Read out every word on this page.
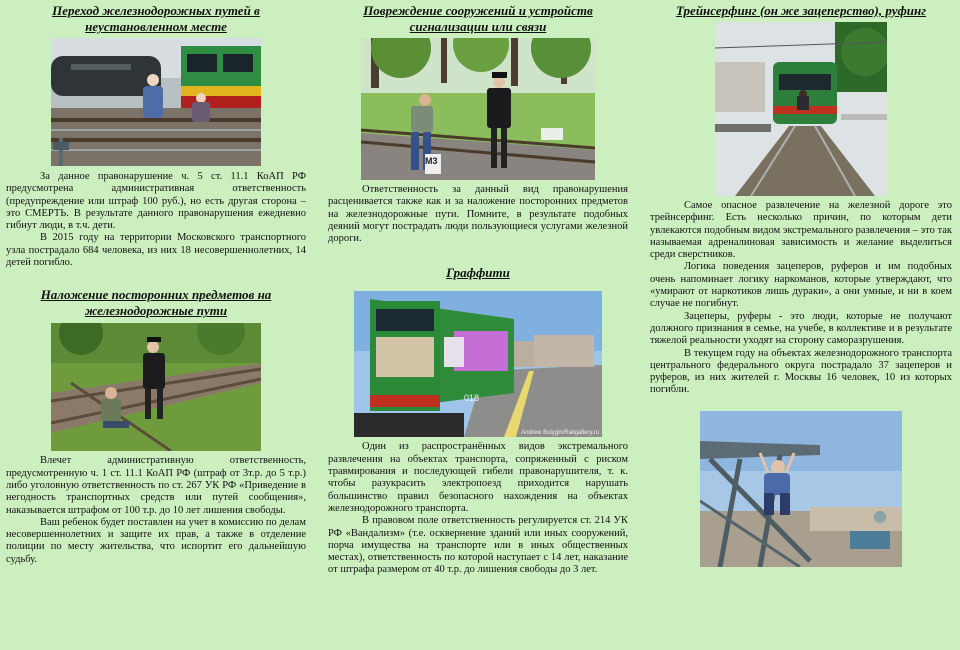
Переход железнодорожных путей в неустановленном месте

За данное правонарушение ч. 5 ст. 11.1 КоАП РФ предусмотрена административная ответственность (предупреждение или штраф 100 руб.), но есть другая сторона – это СМЕРТЬ. В результате данного правонарушения ежедневно гибнут люди, в т.ч. дети.

В 2015 году на территории Московского транспортного узла пострадало 684 человека, из них 18 несовершеннолетних, 14 детей погибло.

Наложение посторонних предметов на железнодорожные пути

Влечет административную ответственность, предусмотренную ч. 1 ст. 11.1 КоАП РФ (штраф от 3т.р. до 5 т.р.) либо уголовную ответственность по ст. 267 УК РФ «Приведение в негодность транспортных средств или путей сообщения», наказывается штрафом от 100 т.р. до 10 лет лишения свободы.

Ваш ребенок будет поставлен на учет в комиссию по делам несовершеннолетних и защите их прав, а также в отделение полиции по месту жительства, что испортит его дальнейшую судьбу.

Повреждение сооружений и устройств сигнализации или связи
М3

Ответственность за данный вид правонарушения расценивается также как и за наложение посторонних предметов на железнодорожные пути. Помните, в результате подобных деяний могут пострадать люди пользующиеся услугами железной дороги.

Граффити
018
Andrew Bulygin/Railgallery.ru

Один из распространённых видов экстремального развлечения на объектах транспорта, сопряженный с риском травмирования и последующей гибели правонарушителя, т. к. чтобы разукрасить электропоезд приходится нарушать большинство правил безопасного нахождения на объектах железнодорожного транспорта.

В правовом поле ответственность регулируется ст. 214 УК РФ «Вандализм» (т.е. осквернение зданий или иных сооружений, порча имущества на транспорте или в иных общественных местах), ответственность по которой наступает с 14 лет, наказание от штрафа размером от 40 т.р. до лишения свободы до 3 лет.

Трейнсерфинг (он же зацеперство), руфинг

Самое опасное развлечение на железной дороге это трейнсерфинг. Есть несколько причин, по которым дети увлекаются подобным видом экстремального развлечения – это так называемая адреналиновая зависимость и желание выделиться среди сверстников.

Логика поведения зацеперов, руферов и им подобных очень напоминает логику наркоманов, которые утверждают, что «умирают от наркотиков лишь дураки», а они умные, и ни в коем случае не погибнут.

Зацеперы, руферы - это люди, которые не получают должного признания в семье, на учебе, в коллективе и в результате тяжелой реальности уходят на сторону саморазрушения.

В текущем году на объектах железнодорожного транспорта центрального федерального округа пострадало 37 зацеперов и руферов, из них жителей г. Москвы 16 человек, 10 из которых погибли.
